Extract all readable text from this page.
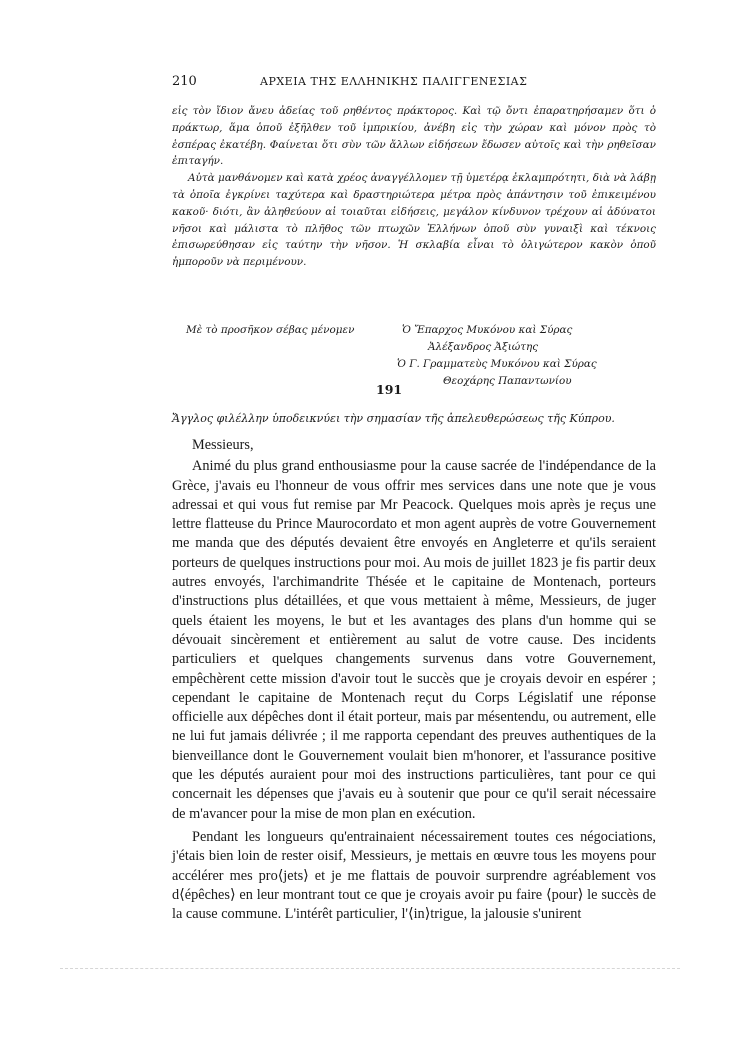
210	ΑΡΧΕΙΑ ΤΗΣ ΕΛΛΗΝΙΚΗΣ ΠΑΛΙΓΓΕΝΕΣΙΑΣ

εἰς τὸν ἴδιον ἄνευ ἀδείας τοῦ ρηθέντος πράκτορος. Καὶ τῷ ὄντι ἐπαρατηρήσαμεν ὅτι ὁ πράκτωρ, ἅμα ὁποῦ ἐξῆλθεν τοῦ ἰμπρικίου, ἀνέβη εἰς τὴν χώραν καὶ μόνον πρὸς τὸ ἑσπέρας ἐκατέβη. Φαίνεται ὅτι σὺν τῶν ἄλλων εἰδήσεων ἔδωσεν αὐτοῖς καὶ τὴν ρηθεῖσαν ἐπιταγήν.

Αὐτὰ μανθάνομεν καὶ κατὰ χρέος ἀναγγέλλομεν τῇ ὑμετέρᾳ ἐκλαμπρότητι, διὰ νὰ λάβῃ τὰ ὁποῖα ἐγκρίνει ταχύτερα καὶ δραστηριώτερα μέτρα πρὸς ἀπάντησιν τοῦ ἐπικειμένου κακοῦ· διότι, ἂν ἀληθεύουν αἱ τοιαῦται εἰδήσεις, μεγάλον κίνδυνον τρέχουν αἱ ἀδύνατοι νῆσοι καὶ μάλιστα τὸ πλῆθος τῶν πτωχῶν Ἑλλήνων ὁποῦ σὺν γυναιξὶ καὶ τέκνοις ἐπισωρεύθησαν εἰς ταύτην τὴν νῆσον. Ἡ σκλαβία εἶναι τὸ ὀλιγώτερον κακὸν ὁποῦ ἠμποροῦν νὰ περιμένουν.

Μὲ τὸ προσῆκον σέβας μένομεν	Ὁ Ἔπαρχος Μυκόνου καὶ Σύρας
Ἀλέξανδρος Ἀξιώτης
Ὁ Γ. Γραμματεὺς Μυκόνου καὶ Σύρας
Θεοχάρης Παπαντωνίου
191
Ἄγγλος φιλέλλην ὑποδεικνύει τὴν σημασίαν τῆς ἀπελευθερώσεως τῆς Κύπρου.

Messieurs,

Animé du plus grand enthousiasme pour la cause sacrée de l'indépendance de la Grèce, j'avais eu l'honneur de vous offrir mes services dans une note que je vous adressai et qui vous fut remise par Mr Peacock. Quelques mois après je reçus une lettre flatteuse du Prince Maurocordato et mon agent auprès de votre Gouvernement me manda que des députés devaient être envoyés en Angleterre et qu'ils seraient porteurs de quelques instructions pour moi. Au mois de juillet 1823 je fis partir deux autres envoyés, l'archimandrite Thésée et le capitaine de Montenach, porteurs d'instructions plus détaillées, et que vous mettaient à même, Messieurs, de juger quels étaient les moyens, le but et les avantages des plans d'un homme qui se dévouait sincèrement et entièrement au salut de votre cause. Des incidents particuliers et quelques changements survenus dans votre Gouvernement, empêchèrent cette mission d'avoir tout le succès que je croyais devoir en espérer ; cependant le capitaine de Montenach reçut du Corps Législatif une réponse officielle aux dépêches dont il était porteur, mais par mésentendu, ou autrement, elle ne lui fut jamais délivrée ; il me rapporta cependant des preuves authentiques de la bienveillance dont le Gouvernement voulait bien m'honorer, et l'assurance positive que les députés auraient pour moi des instructions particulières, tant pour ce qui concernait les dépenses que j'avais eu à soutenir que pour ce qu'il serait nécessaire de m'avancer pour la mise de mon plan en exécution.

Pendant les longueurs qu'entrainaient nécessairement toutes ces négociations, j'étais bien loin de rester oisif, Messieurs, je mettais en œuvre tous les moyens pour accélérer mes pro⟨jets⟩ et je me flattais de pouvoir surprendre agréablement vos d⟨épêches⟩ en leur montrant tout ce que je croyais avoir pu faire ⟨pour⟩ le succès de la cause commune. L'intérêt particulier, l'⟨in⟩trigue, la jalousie s'unirent
